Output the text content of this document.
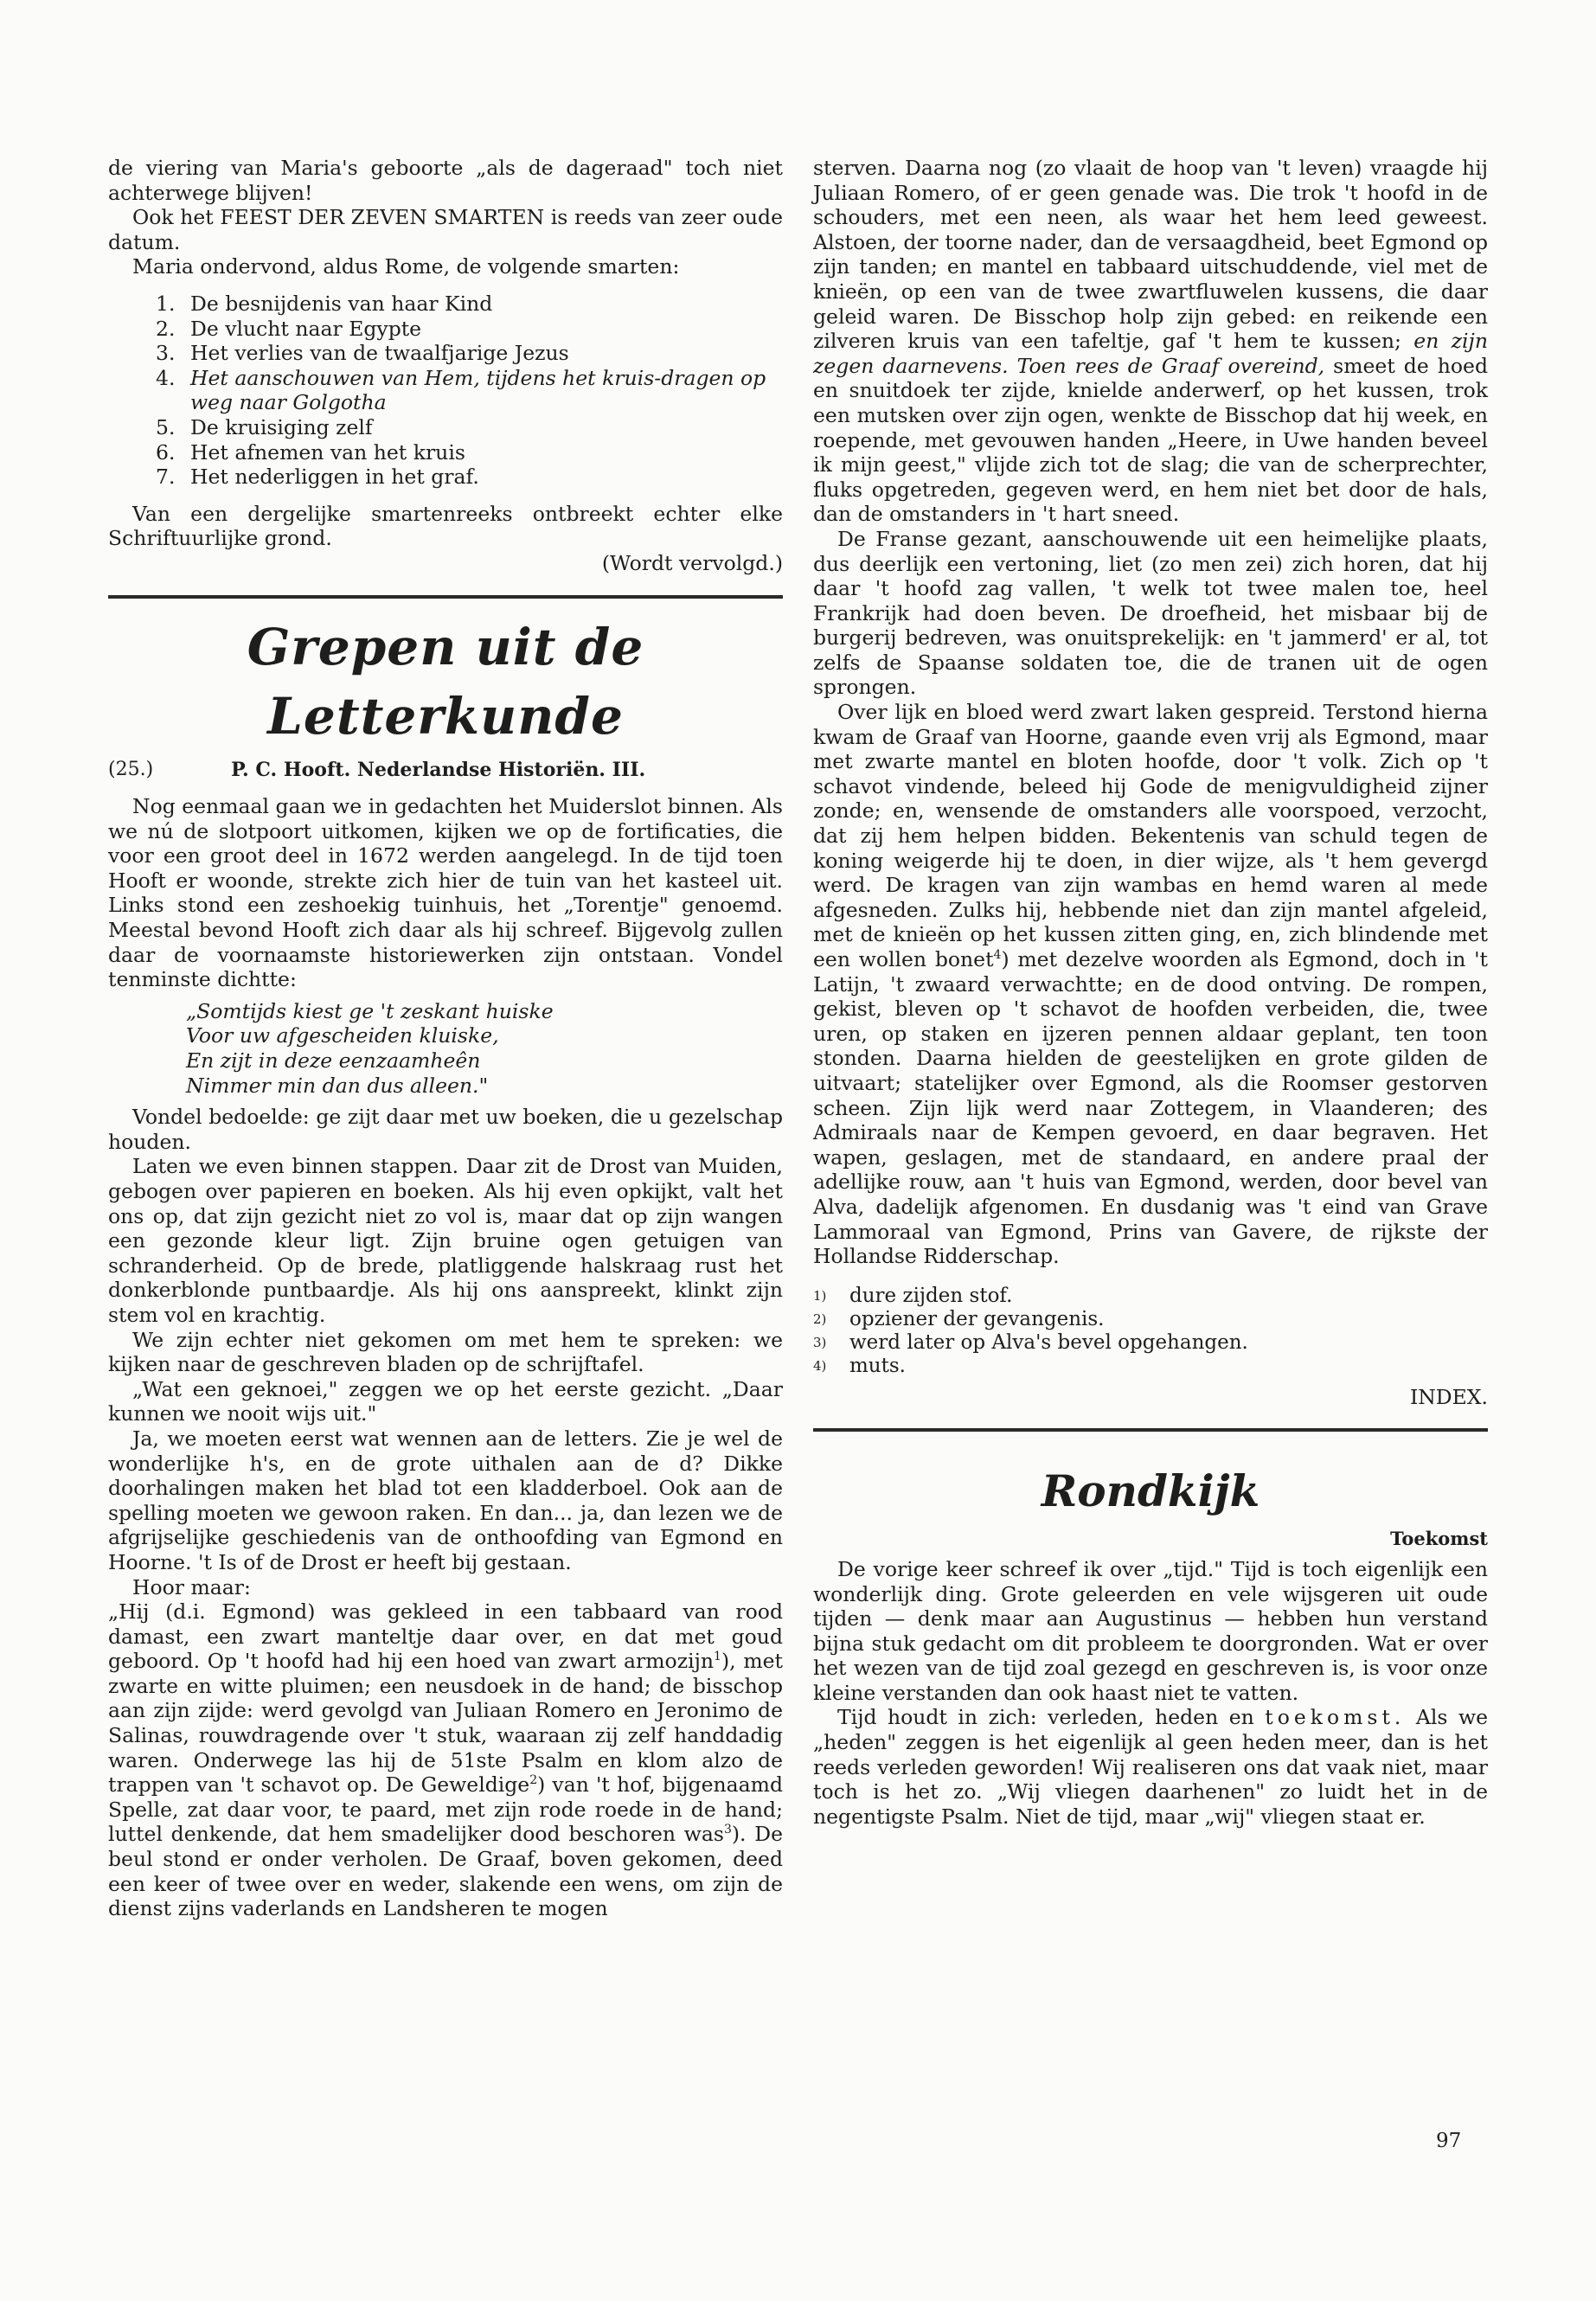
de viering van Maria's geboorte „als de dageraad" toch niet achterwege blijven!

Ook het FEEST DER ZEVEN SMARTEN is reeds van zeer oude datum.

Maria ondervond, aldus Rome, de volgende smarten:

1. De besnijdenis van haar Kind
2. De vlucht naar Egypte
3. Het verlies van de twaalfjarige Jezus
4. Het aanschouwen van Hem, tijdens het kruis-dragen op weg naar Golgotha
5. De kruisiging zelf
6. Het afnemen van het kruis
7. Het nederliggen in het graf.

Van een dergelijke smartenreeks ontbreekt echter elke Schriftuurlijke grond.

(Wordt vervolgd.)
Grepen uit de Letterkunde
(25.)	P. C. Hooft. Nederlandse Historiën. III.

Nog eenmaal gaan we in gedachten het Muiderslot binnen. Als we nú de slotpoort uitkomen, kijken we op de fortificaties, die voor een groot deel in 1672 werden aangelegd. In de tijd toen Hooft er woonde, strekte zich hier de tuin van het kasteel uit. Links stond een zeshoekig tuinhuis, het „Torentje" genoemd. Meestal bevond Hooft zich daar als hij schreef. Bijgevolg zullen daar de voornaamste historiewerken zijn ontstaan. Vondel tenminste dichtte:

„Somtijds kiest ge 't zeskant huiske
Voor uw afgescheiden kluiske,
En zijt in deze eenzaamheên
Nimmer min dan dus alleen."

Vondel bedoelde: ge zijt daar met uw boeken, die u gezelschap houden.

Laten we even binnen stappen. Daar zit de Drost van Muiden, gebogen over papieren en boeken. Als hij even opkijkt, valt het ons op, dat zijn gezicht niet zo vol is, maar dat op zijn wangen een gezonde kleur ligt. Zijn bruine ogen getuigen van schranderheid. Op de brede, platliggende halskraag rust het donkerblonde puntbaardje. Als hij ons aanspreekt, klinkt zijn stem vol en krachtig.

We zijn echter niet gekomen om met hem te spreken: we kijken naar de geschreven bladen op de schrijftafel.

„Wat een geknoei," zeggen we op het eerste gezicht. „Daar kunnen we nooit wijs uit."

Ja, we moeten eerst wat wennen aan de letters. Zie je wel de wonderlijke h's, en de grote uithalen aan de d? Dikke doorhalingen maken het blad tot een kladderboel. Ook aan de spelling moeten we gewoon raken. En dan... ja, dan lezen we de afgrijselijke geschiedenis van de onthoofding van Egmond en Hoorne. 't Is of de Drost er heeft bij gestaan.

Hoor maar:

„Hij (d.i. Egmond) was gekleed in een tabbaard van rood damast, een zwart manteltje daar over, en dat met goud geboord. Op 't hoofd had hij een hoed van zwart armozijn$^1$), met zwarte en witte pluimen; een neusdoek in de hand; de bisschop aan zijn zijde: werd gevolgd van Juliaan Romero en Jeronimo de Salinas, rouwdragende over 't stuk, waaraan zij zelf handdadig waren. Onderwege las hij de 51ste Psalm en klom alzo de trappen van 't schavot op. De Geweldige$^2$) van 't hof, bijgenaamd Spelle, zat daar voor, te paard, met zijn rode roede in de hand; luttel denkende, dat hem smadelijker dood beschoren was$^3$). De beul stond er onder verholen. De Graaf, boven gekomen, deed een keer of twee over en weder, slakende een wens, om zijn de dienst zijns vaderlands en Landsheren te mogen

sterven. Daarna nog (zo vlaait de hoop van 't leven) vraagde hij Juliaan Romero, of er geen genade was. Die trok 't hoofd in de schouders, met een neen, als waar het hem leed geweest. Alstoen, der toorne nader, dan de versaagdheid, beet Egmond op zijn tanden; en mantel en tabbaard uitschuddende, viel met de knieën, op een van de twee zwartfluwelen kussens, die daar geleid waren. De Bisschop holp zijn gebed: en reikende een zilveren kruis van een tafeltje, gaf 't hem te kussen; en zijn zegen daarnevens. Toen rees de Graaf overeind, smeet de hoed en snuitdoek ter zijde, knielde anderwerf, op het kussen, trok een mutsken over zijn ogen, wenkte de Bisschop dat hij week, en roepende, met gevouwen handen „Heere, in Uwe handen beveel ik mijn geest," vlijde zich tot de slag; die van de scherprechter, fluks opgetreden, gegeven werd, en hem niet bet door de hals, dan de omstanders in 't hart sneed.

De Franse gezant, aanschouwende uit een heimelijke plaats, dus deerlijk een vertoning, liet (zo men zei) zich horen, dat hij daar 't hoofd zag vallen, 't welk tot twee malen toe, heel Frankrijk had doen beven. De droefheid, het misbaar bij de burgerij bedreven, was onuitsprekelijk: en 't jammerd' er al, tot zelfs de Spaanse soldaten toe, die de tranen uit de ogen sprongen.

Over lijk en bloed werd zwart laken gespreid. Terstond hierna kwam de Graaf van Hoorne, gaande even vrij als Egmond, maar met zwarte mantel en bloten hoofde, door 't volk. Zich op 't schavot vindende, beleed hij Gode de menigvuldigheid zijner zonde; en, wensende de omstanders alle voorspoed, verzocht, dat zij hem helpen bidden. Bekentenis van schuld tegen de koning weigerde hij te doen, in dier wijze, als 't hem gevergd werd. De kragen van zijn wambas en hemd waren al mede afgesneden. Zulks hij, hebbende niet dan zijn mantel afgeleid, met de knieën op het kussen zitten ging, en, zich blindende met een wollen bonet$^4$) met dezelve woorden als Egmond, doch in 't Latijn, 't zwaard verwachtte; en de dood ontving. De rompen, gekist, bleven op 't schavot de hoofden verbeiden, die, twee uren, op staken en ijzeren pennen aldaar geplant, ten toon stonden. Daarna hielden de geestelijken en grote gilden de uitvaart; statelijker over Egmond, als die Roomser gestorven scheen. Zijn lijk werd naar Zottegem, in Vlaanderen; des Admiraals naar de Kempen gevoerd, en daar begraven. Het wapen, geslagen, met de standaard, en andere praal der adellijke rouw, aan 't huis van Egmond, werden, door bevel van Alva, dadelijk afgenomen. En dusdanig was 't eind van Grave Lammoraal van Egmond, Prins van Gavere, de rijkste der Hollandse Ridderschap.

1)	dure zijden stof.
2)	opziener der gevangenis.
3)	werd later op Alva's bevel opgehangen.
4)	muts.
INDEX.
Rondkijk
Toekomst

De vorige keer schreef ik over „tijd." Tijd is toch eigenlijk een wonderlijk ding. Grote geleerden en vele wijsgeren uit oude tijden — denk maar aan Augustinus — hebben hun verstand bijna stuk gedacht om dit probleem te doorgronden. Wat er over het wezen van de tijd zoal gezegd en geschreven is, is voor onze kleine verstanden dan ook haast niet te vatten.

Tijd houdt in zich: verleden, heden en toekomst. Als we „heden" zeggen is het eigenlijk al geen heden meer, dan is het reeds verleden geworden! Wij realiseren ons dat vaak niet, maar toch is het zo. „Wij vliegen daarhenen" zo luidt het in de negentigste Psalm. Niet de tijd, maar „wij" vliegen staat er.

97
